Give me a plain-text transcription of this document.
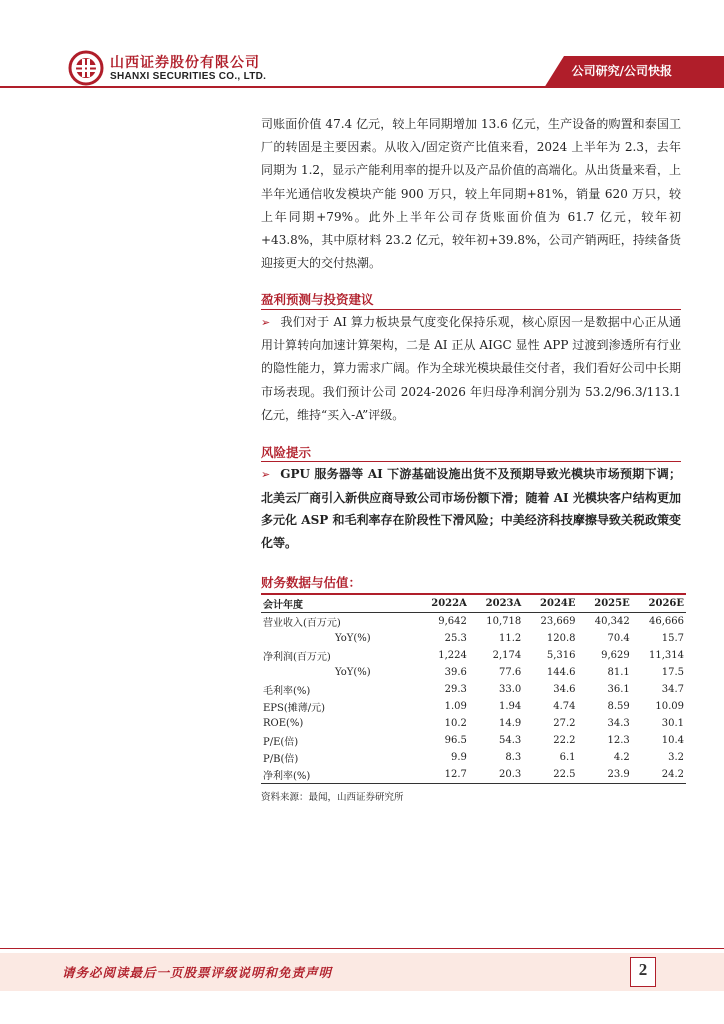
山西证券股份有限公司
SHANXI SECURITIES CO., LTD.	公司研究/公司快报
司账面价值 47.4 亿元，较上年同期增加 13.6 亿元，生产设备的购置和泰国工厂的转固是主要因素。从收入/固定资产比值来看，2024 上半年为 2.3，去年同期为 1.2，显示产能利用率的提升以及产品价值的高端化。从出货量来看，上半年光通信收发模块产能 900 万只，较上年同期+81%，销量 620 万只，较上年同期+79%。此外上半年公司存货账面价值为 61.7 亿元，较年初+43.8%，其中原材料 23.2 亿元，较年初+39.8%，公司产销两旺，持续备货迎接更大的交付热潮。
盈利预测与投资建议
➢ 我们对于 AI 算力板块景气度变化保持乐观，核心原因一是数据中心正从通用计算转向加速计算架构，二是 AI 正从 AIGC 显性 APP 过渡到渗透所有行业的隐性能力，算力需求广阔。作为全球光模块最佳交付者，我们看好公司中长期市场表现。我们预计公司 2024-2026 年归母净利润分别为 53.2/96.3/113.1 亿元，维持“买入-A”评级。
风险提示
➢ GPU 服务器等 AI 下游基础设施出货不及预期导致光模块市场预期下调；北美云厂商引入新供应商导致公司市场份额下滑；随着 AI 光模块客户结构更加多元化 ASP 和毛利率存在阶段性下滑风险；中美经济科技摩擦导致关税政策变化等。
财务数据与估值：
会计年度	2022A	2023A	2024E	2025E	2026E
营业收入(百万元)	9,642	10,718	23,669	40,342	46,666
YoY(%)	25.3	11.2	120.8	70.4	15.7
净利润(百万元)	1,224	2,174	5,316	9,629	11,314
YoY(%)	39.6	77.6	144.6	81.1	17.5
毛利率(%)	29.3	33.0	34.6	36.1	34.7
EPS(摊薄/元)	1.09	1.94	4.74	8.59	10.09
ROE(%)	10.2	14.9	27.2	34.3	30.1
P/E(倍)	96.5	54.3	22.2	12.3	10.4
P/B(倍)	9.9	8.3	6.1	4.2	3.2
净利率(%)	12.7	20.3	22.5	23.9	24.2
资料来源：最闻，山西证券研究所
请务必阅读最后一页股票评级说明和免责声明	2
